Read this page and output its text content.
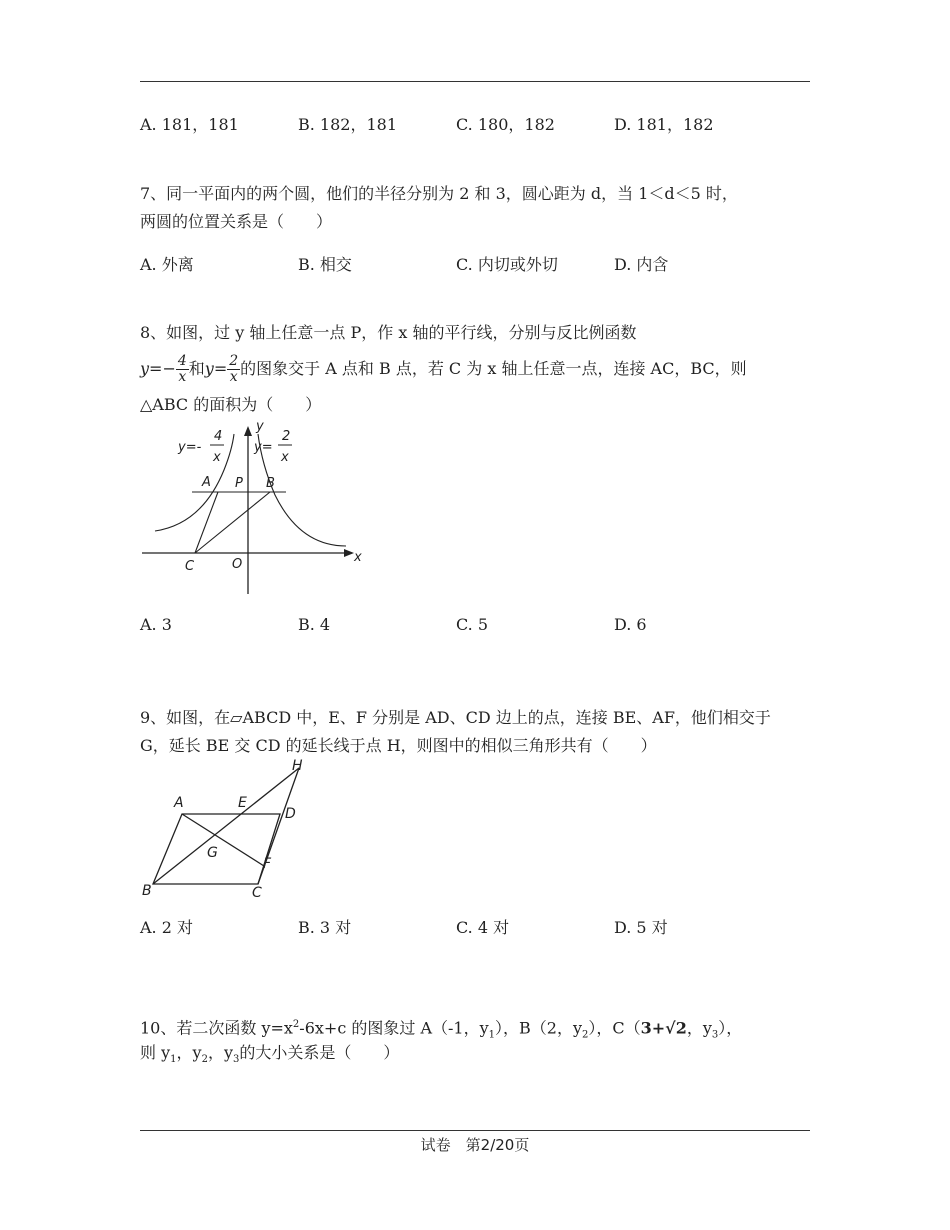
A. 181，181	B. 182，181	C. 180，182	D. 181，182
7、同一平面内的两个圆，他们的半径分别为 2 和 3，圆心距为 d，当 1＜d＜5 时，
两圆的位置关系是（　　）
A. 外离	B. 相交	C. 内切或外切	D. 内含
8、如图，过 y 轴上任意一点 P，作 x 轴的平行线，分别与反比例函数
$y=- \frac{4}{x}$ 和$y= \frac{2}{x}$ 的图象交于 A 点和 B 点，若 C 为 x 轴上任意一点，连接 AC，BC，则
△ABC 的面积为（　　）
y=-
4
x
y=
2
x
y
x
A P B
C	O
A. 3	B. 4	C. 5	D. 6
9、如图，在▱ABCD 中，E、F 分别是 AD、CD 边上的点，连接 BE、AF，他们相交于
G，延长 BE 交 CD 的延长线于点 H，则图中的相似三角形共有（　　）
H
A	E
D
G
F
B	C
A. 2 对	B. 3 对	C. 4 对	D. 5 对
10、若二次函数 $y=x^2-6x+c$ 的图象过 A（-1，$y_1$），B（2，$y_2$），C（3+√2，$y_3$），
则 $y_1$，$y_2$，$y_3$的大小关系是（　　）
试卷　第2/20页
